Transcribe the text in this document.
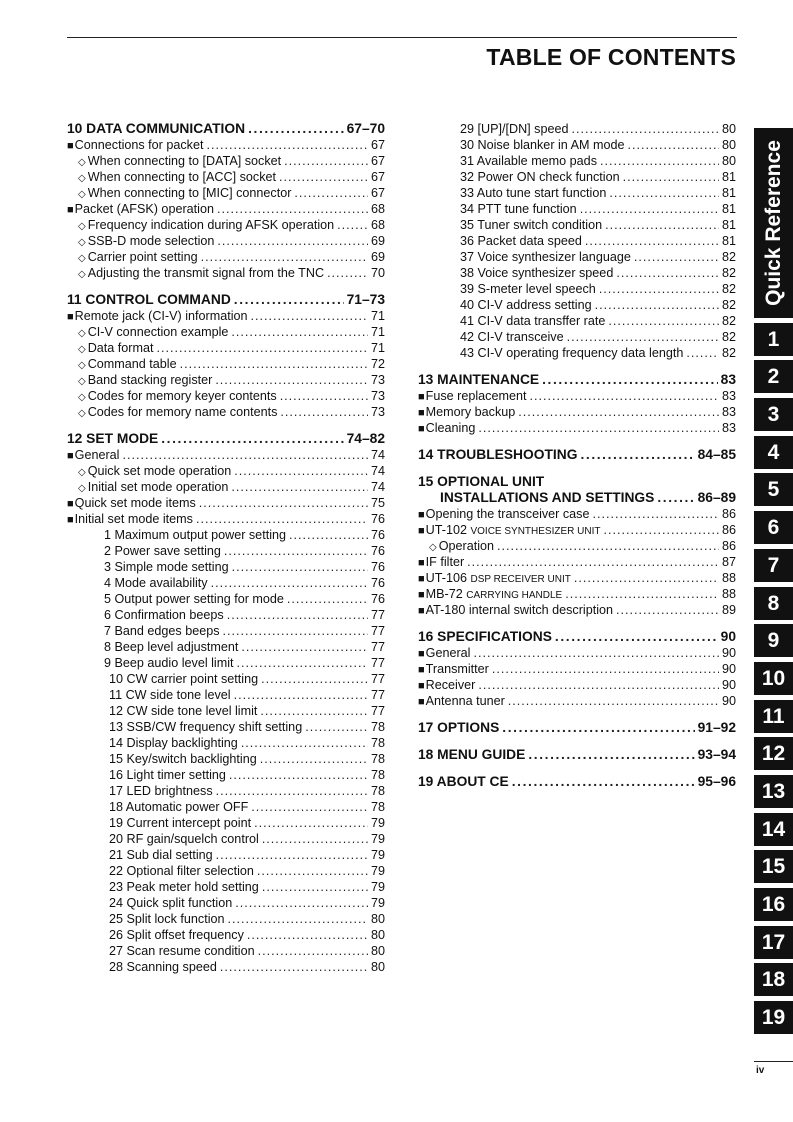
TABLE OF CONTENTS
10 DATA COMMUNICATION .....	67–70
■ Connections for packet .....	67
◇ When connecting to [DATA] socket .....	67
◇ When connecting to [ACC] socket .....	67
◇ When connecting to [MIC] connector .....	67
■ Packet (AFSK) operation .....	68
◇ Frequency indication during AFSK operation .....	68
◇ SSB-D mode selection .....	69
◇ Carrier point setting .....	69
◇ Adjusting the transmit signal from the TNC .....	70
11 CONTROL COMMAND .....	71–73
■ Remote jack (CI-V) information .....	71
◇ CI-V connection example .....	71
◇ Data format .....	71
◇ Command table .....	72
◇ Band stacking register .....	73
◇ Codes for memory keyer contents .....	73
◇ Codes for memory name contents .....	73
12 SET MODE .....	74–82
■ General .....	74
◇ Quick set mode operation .....	74
◇ Initial set mode operation .....	74
■ Quick set mode items .....	75
■ Initial set mode items .....	76
1 Maximum output power setting .....	76
2 Power save setting .....	76
3 Simple mode setting .....	76
4 Mode availability .....	76
5 Output power setting for mode .....	76
6 Confirmation beeps .....	77
7 Band edges beeps .....	77
8 Beep level adjustment .....	77
9 Beep audio level limit .....	77
10 CW carrier point setting .....	77
11 CW side tone level .....	77
12 CW side tone level limit .....	77
13 SSB/CW frequency shift setting .....	78
14 Display backlighting .....	78
15 Key/switch backlighting .....	78
16 Light timer setting .....	78
17 LED brightness .....	78
18 Automatic power OFF .....	78
19 Current intercept point .....	79
20 RF gain/squelch control .....	79
21 Sub dial setting .....	79
22 Optional filter selection .....	79
23 Peak meter hold setting .....	79
24 Quick split function .....	79
25 Split lock function .....	80
26 Split offset frequency .....	80
27 Scan resume condition .....	80
28 Scanning speed .....	80
29 [UP]/[DN] speed .....	80
30 Noise blanker in AM mode .....	80
31 Available memo pads .....	80
32 Power ON check function .....	81
33 Auto tune start function .....	81
34 PTT tune function .....	81
35 Tuner switch condition .....	81
36 Packet data speed .....	81
37 Voice synthesizer language .....	82
38 Voice synthesizer speed .....	82
39 S-meter level speech .....	82
40 CI-V address setting .....	82
41 CI-V data transffer rate .....	82
42 CI-V transceive .....	82
43 CI-V operating frequency data length .....	82
13 MAINTENANCE .....	83
■ Fuse replacement .....	83
■ Memory backup .....	83
■ Cleaning .....	83
14 TROUBLESHOOTING .....	84–85
15 OPTIONAL UNIT
INSTALLATIONS AND SETTINGS .....	86–89
■ Opening the transceiver case .....	86
■ UT-102 VOICE SYNTHESIZER UNIT .....	86
◇ Operation .....	86
■ IF filter .....	87
■ UT-106 DSP RECEIVER UNIT .....	88
■ MB-72 CARRYING HANDLE .....	88
■ AT-180 internal switch description .....	89
16 SPECIFICATIONS .....	90
■ General .....	90
■ Transmitter .....	90
■ Receiver .....	90
■ Antenna tuner .....	90
17 OPTIONS .....	91–92
18 MENU GUIDE .....	93–94
19 ABOUT CE .....	95–96
Quick Reference
1
2
3
4
5
6
7
8
9
10
11
12
13
14
15
16
17
18
19
iv
